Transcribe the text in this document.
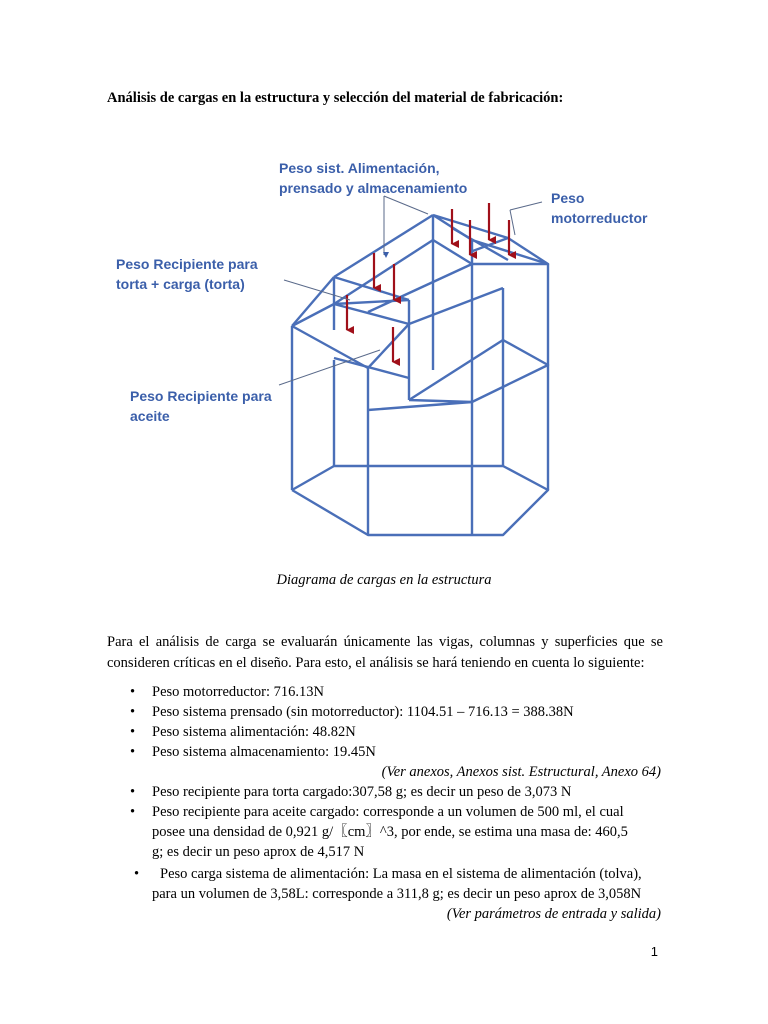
Análisis de cargas en la estructura y selección del material de fabricación:
Peso sist. Alimentación,
prensado y almacenamiento
Peso
motorreductor
Peso Recipiente para
torta + carga (torta)
Peso Recipiente para
aceite
Diagrama de cargas en la estructura
Para el análisis de carga se evaluarán únicamente las vigas, columnas y superficies que se consideren críticas en el diseño. Para esto, el análisis se hará teniendo en cuenta lo siguiente:
• Peso motorreductor: 716.13N
• Peso sistema prensado (sin motorreductor): 1104.51 – 716.13 = 388.38N
• Peso sistema alimentación: 48.82N
• Peso sistema almacenamiento: 19.45N
(Ver anexos, Anexos sist. Estructural, Anexo 64)
• Peso recipiente para torta cargado:307,58 g; es decir un peso de 3,073 N
• Peso recipiente para aceite cargado: corresponde a un volumen de 500 ml, el cual
posee una densidad de 0,921 g/〖cm〗^3, por ende, se estima una masa de: 460,5
g; es decir un peso aprox de 4,517 N
• Peso carga sistema de alimentación: La masa en el sistema de alimentación (tolva),
para un volumen de 3,58L: corresponde a 311,8 g; es decir un peso aprox de 3,058N
(Ver parámetros de entrada y salida)
1
